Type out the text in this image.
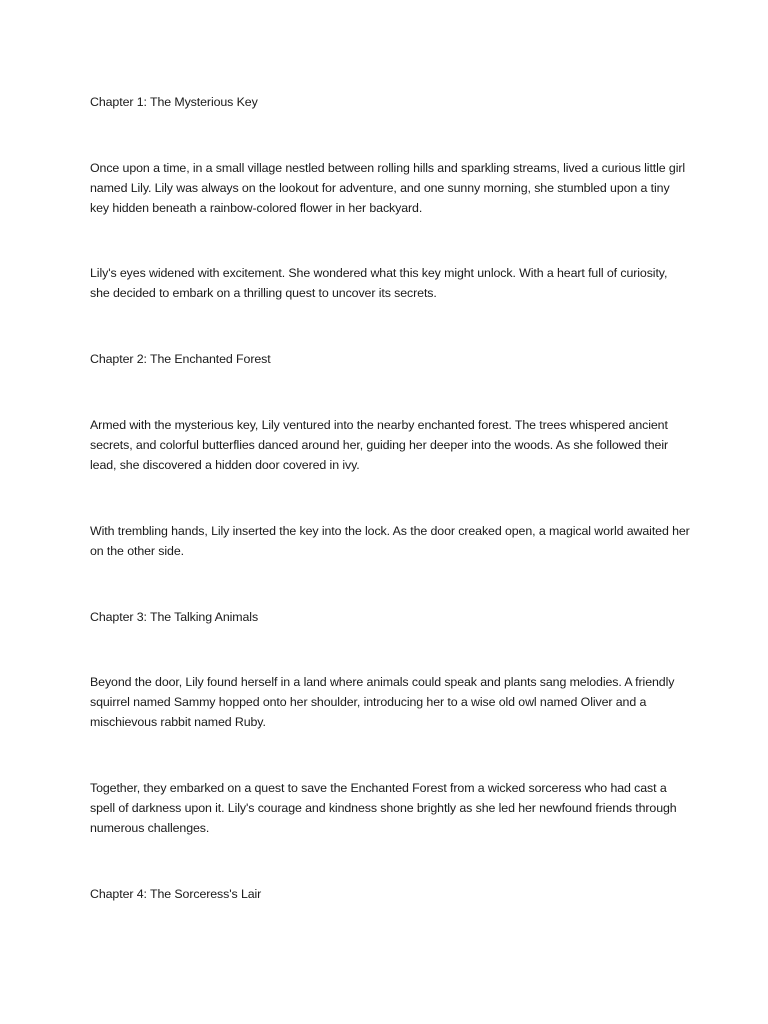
Chapter 1: The Mysterious Key

Once upon a time, in a small village nestled between rolling hills and sparkling streams, lived a curious little girl named Lily. Lily was always on the lookout for adventure, and one sunny morning, she stumbled upon a tiny key hidden beneath a rainbow-colored flower in her backyard.

Lily's eyes widened with excitement. She wondered what this key might unlock. With a heart full of curiosity, she decided to embark on a thrilling quest to uncover its secrets.

Chapter 2: The Enchanted Forest

Armed with the mysterious key, Lily ventured into the nearby enchanted forest. The trees whispered ancient secrets, and colorful butterflies danced around her, guiding her deeper into the woods. As she followed their lead, she discovered a hidden door covered in ivy.

With trembling hands, Lily inserted the key into the lock. As the door creaked open, a magical world awaited her on the other side.

Chapter 3: The Talking Animals

Beyond the door, Lily found herself in a land where animals could speak and plants sang melodies. A friendly squirrel named Sammy hopped onto her shoulder, introducing her to a wise old owl named Oliver and a mischievous rabbit named Ruby.

Together, they embarked on a quest to save the Enchanted Forest from a wicked sorceress who had cast a spell of darkness upon it. Lily's courage and kindness shone brightly as she led her newfound friends through numerous challenges.

Chapter 4: The Sorceress's Lair
